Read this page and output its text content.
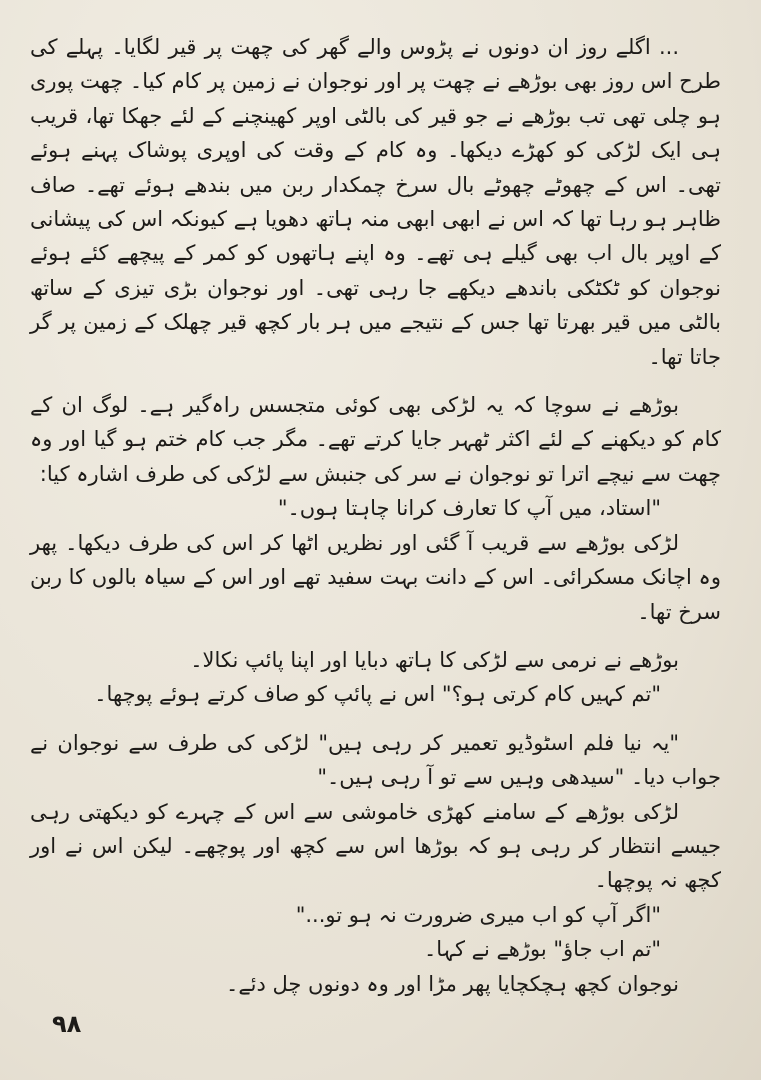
... اگلے روز ان دونوں نے پڑوس والے گھر کی چھت پر قیر لگایا۔ پہلے کی طرح اس روز بھی بوڑھے نے چھت پر اور نوجوان نے زمین پر کام کیا۔ چھت پوری ہو چلی تھی تب بوڑھے نے جو قیر کی بالٹی اوپر کھینچنے کے لئے جھکا تھا، قریب ہی ایک لڑکی کو کھڑے دیکھا۔ وہ کام کے وقت کی اوپری پوشاک پہنے ہوئے تھی۔ اس کے چھوٹے چھوٹے بال سرخ چمکدار ربن میں بندھے ہوئے تھے۔ صاف ظاہر ہو رہا تھا کہ اس نے ابھی ابھی منہ ہاتھ دھویا ہے کیونکہ اس کی پیشانی کے اوپر بال اب بھی گیلے ہی تھے۔ وہ اپنے ہاتھوں کو کمر کے پیچھے کئے ہوئے نوجوان کو ٹکٹکی باندھے دیکھے جا رہی تھی۔ اور نوجوان بڑی تیزی کے ساتھ بالٹی میں قیر بھرتا تھا جس کے نتیجے میں ہر بار کچھ قیر چھلک کے زمین پر گر جاتا تھا۔

بوڑھے نے سوچا کہ یہ لڑکی بھی کوئی متجسس راہ‌گیر ہے۔ لوگ ان کے کام کو دیکھنے کے لئے اکثر ٹھہر جایا کرتے تھے۔ مگر جب کام ختم ہو گیا اور وہ چھت سے نیچے اترا تو نوجوان نے سر کی جنبش سے لڑکی کی طرف اشارہ کیا:

"استاد، میں آپ کا تعارف کرانا چاہتا ہوں۔"

لڑکی بوڑھے سے قریب آ گئی اور نظریں اٹھا کر اس کی طرف دیکھا۔ پھر وہ اچانک مسکرائی۔ اس کے دانت بہت سفید تھے اور اس کے سیاہ بالوں کا ربن سرخ تھا۔

بوڑھے نے نرمی سے لڑکی کا ہاتھ دبایا اور اپنا پائپ نکالا۔

"تم کہیں کام کرتی ہو؟" اس نے پائپ کو صاف کرتے ہوئے پوچھا۔

"یہ نیا فلم اسٹوڈیو تعمیر کر رہی ہیں" لڑکی کی طرف سے نوجوان نے جواب دیا۔ "سیدھی وہیں سے تو آ رہی ہیں۔"

لڑکی بوڑھے کے سامنے کھڑی خاموشی سے اس کے چہرے کو دیکھتی رہی جیسے انتظار کر رہی ہو کہ بوڑھا اس سے کچھ اور پوچھے۔ لیکن اس نے اور کچھ نہ پوچھا۔

"اگر آپ کو اب میری ضرورت نہ ہو تو..."

"تم اب جاؤ" بوڑھے نے کہا۔

نوجوان کچھ ہچکچایا پھر مڑا اور وہ دونوں چل دئے۔

٩٨
